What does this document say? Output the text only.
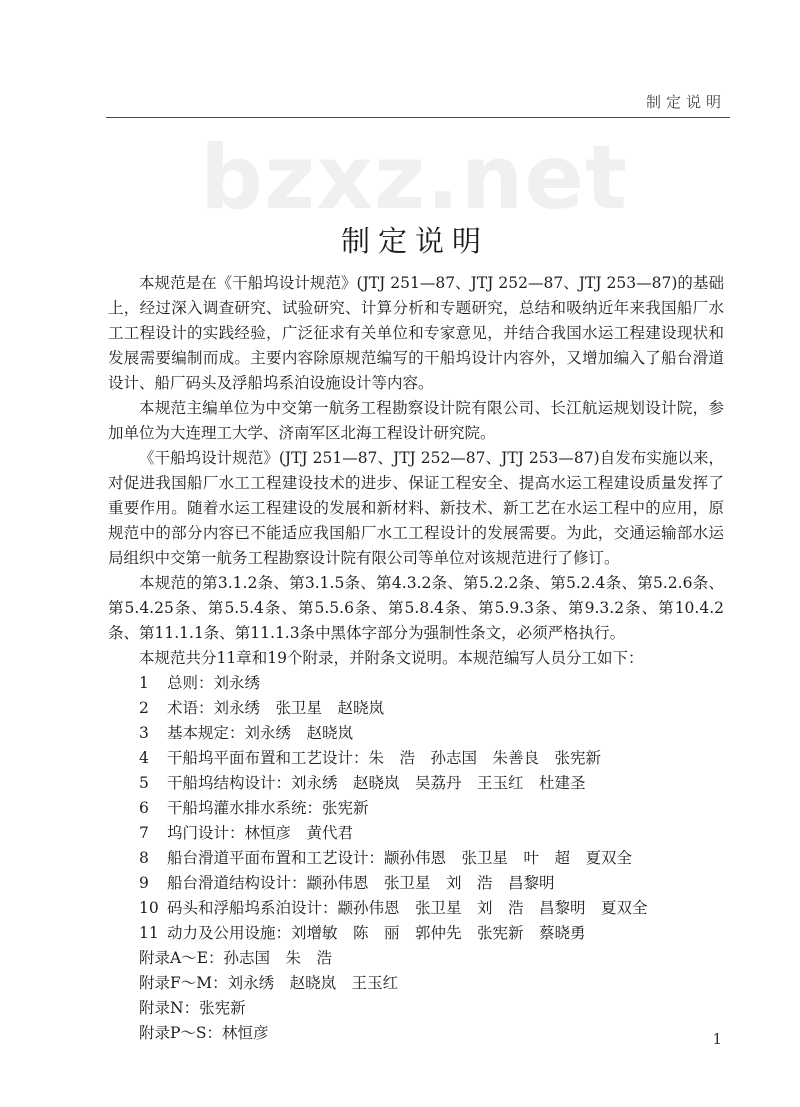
制定说明
bzxz.net
制定说明

本规范是在《干船坞设计规范》(JTJ 251—87、JTJ 252—87、JTJ 253—87)的基础上，经过深入调查研究、试验研究、计算分析和专题研究，总结和吸纳近年来我国船厂水工工程设计的实践经验，广泛征求有关单位和专家意见，并结合我国水运工程建设现状和发展需要编制而成。主要内容除原规范编写的干船坞设计内容外，又增加编入了船台滑道设计、船厂码头及浮船坞系泊设施设计等内容。

本规范主编单位为中交第一航务工程勘察设计院有限公司、长江航运规划设计院，参加单位为大连理工大学、济南军区北海工程设计研究院。

《干船坞设计规范》(JTJ 251—87、JTJ 252—87、JTJ 253—87)自发布实施以来，对促进我国船厂水工工程建设技术的进步、保证工程安全、提高水运工程建设质量发挥了重要作用。随着水运工程建设的发展和新材料、新技术、新工艺在水运工程中的应用，原规范中的部分内容已不能适应我国船厂水工工程设计的发展需要。为此，交通运输部水运局组织中交第一航务工程勘察设计院有限公司等单位对该规范进行了修订。

本规范的第3.1.2条、第3.1.5条、第4.3.2条、第5.2.2条、第5.2.4条、第5.2.6条、第5.4.25条、第5.5.4条、第5.5.6条、第5.8.4条、第5.9.3条、第9.3.2条、第10.4.2条、第11.1.1条、第11.1.3条中黑体字部分为强制性条文，必须严格执行。

本规范共分11章和19个附录，并附条文说明。本规范编写人员分工如下：

1 总则：刘永绣
2 术语：刘永绣　张卫星　赵晓岚
3 基本规定：刘永绣　赵晓岚
4 干船坞平面布置和工艺设计：朱　浩　孙志国　朱善良　张宪新
5 干船坞结构设计：刘永绣　赵晓岚　吴荔丹　王玉红　杜建圣
6 干船坞灌水排水系统：张宪新
7 坞门设计：林恒彦　黄代君
8 船台滑道平面布置和工艺设计：颛孙伟恩　张卫星　叶　超　夏双全
9 船台滑道结构设计：颛孙伟恩　张卫星　刘　浩　昌黎明
10 码头和浮船坞系泊设计：颛孙伟恩　张卫星　刘　浩　昌黎明　夏双全
11 动力及公用设施：刘增敏　陈　丽　郭仲先　张宪新　蔡晓勇
附录A～E：孙志国　朱　浩
附录F～M：刘永绣　赵晓岚　王玉红
附录N：张宪新
附录P～S：林恒彦	1
